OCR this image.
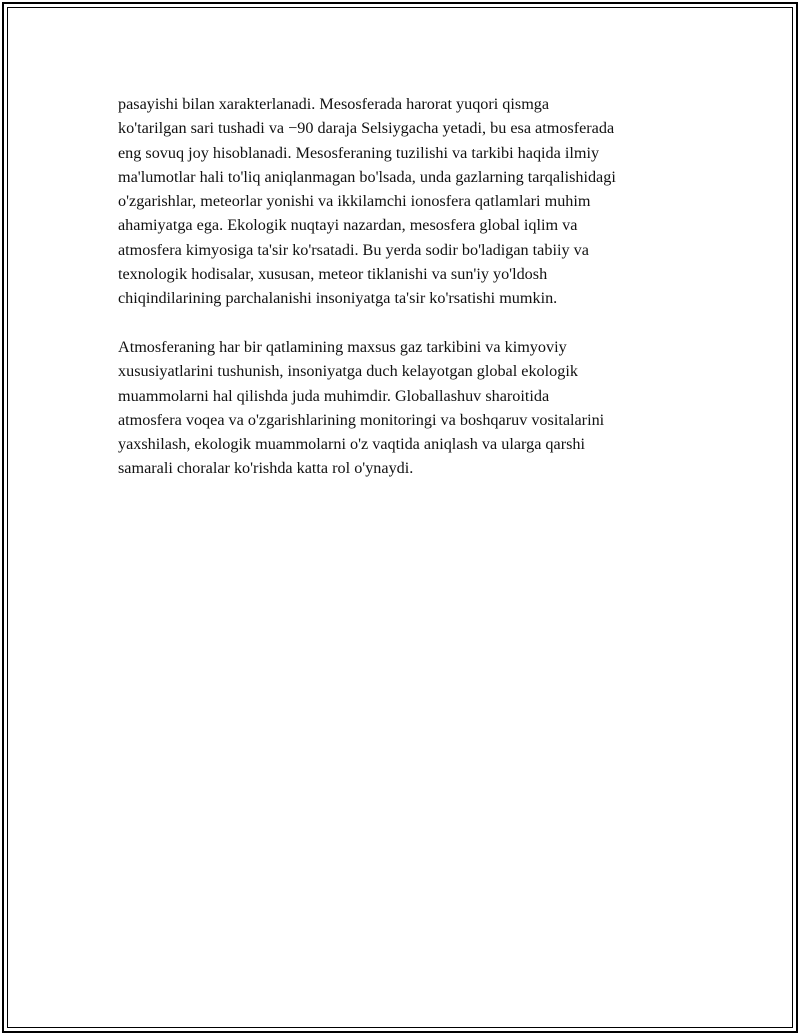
pasayishi bilan xarakterlanadi. Mesosferada harorat yuqori qismga
ko'tarilgan sari tushadi va −90 daraja Selsiygacha yetadi, bu esa atmosferada
eng sovuq joy hisoblanadi. Mesosferaning tuzilishi va tarkibi haqida ilmiy
ma'lumotlar hali to'liq aniqlanmagan bo'lsada, unda gazlarning tarqalishidagi
o'zgarishlar, meteorlar yonishi va ikkilamchi ionosfera qatlamlari muhim
ahamiyatga ega. Ekologik nuqtayi nazardan, mesosfera global iqlim va
atmosfera kimyosiga ta'sir ko'rsatadi. Bu yerda sodir bo'ladigan tabiiy va
texnologik hodisalar, xususan, meteor tiklanishi va sun'iy yo'ldosh
chiqindilarining parchalanishi insoniyatga ta'sir ko'rsatishi mumkin.

Atmosferaning har bir qatlamining maxsus gaz tarkibini va kimyoviy
xususiyatlarini tushunish, insoniyatga duch kelayotgan global ekologik
muammolarni hal qilishda juda muhimdir. Globallashuv sharoitida
atmosfera voqea va o'zgarishlarining monitoringi va boshqaruv vositalarini
yaxshilash, ekologik muammolarni o'z vaqtida aniqlash va ularga qarshi
samarali choralar ko'rishda katta rol o'ynaydi.
